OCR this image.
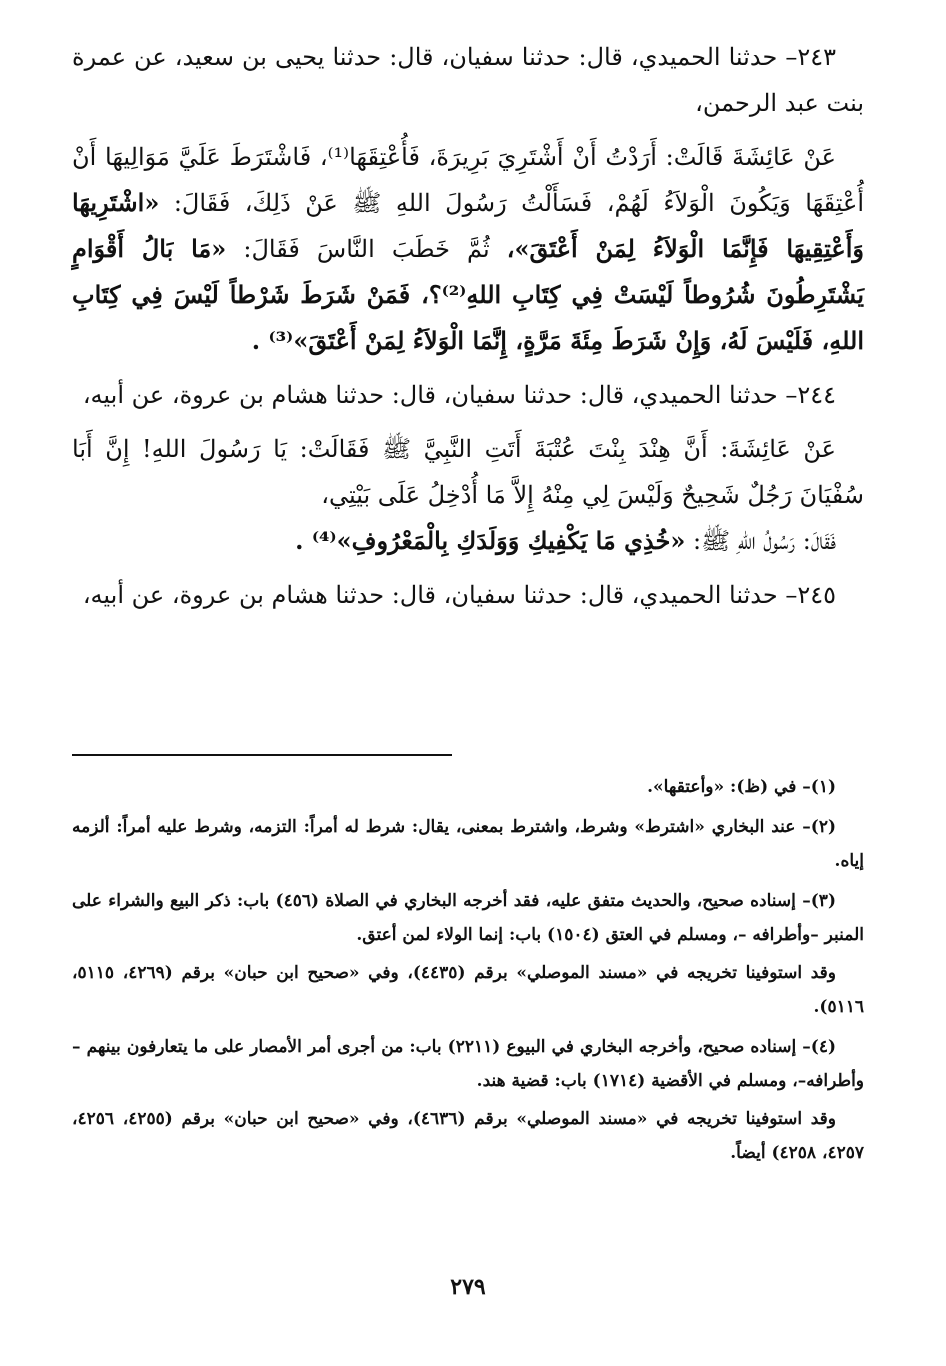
٢٤٣– حدثنا الحميدي، قال: حدثنا سفيان، قال: حدثنا يحيى بن سعيد، عن عمرة بنت عبد الرحمن،

عَنْ عَائِشَةَ قَالَتْ: أَرَدْتُ أَنْ أَشْتَرِيَ بَرِيرَةَ، فَأُعْتِقَهَا⁽¹⁾، فَاشْتَرَطَ عَلَيَّ مَوَالِيهَا أَنْ أُعْتِقَهَا وَيَكُونَ الْوَلاَءُ لَهُمْ، فَسَأَلْتُ رَسُولَ اللهِ ﷺ عَنْ ذَلِكَ، فَقَالَ: «اشْتَرِيهَا وَأَعْتِقِيهَا فَإِنَّمَا الْوَلاَءُ لِمَنْ أَعْتَقَ»، ثُمَّ خَطَبَ النَّاسَ فَقَالَ: «مَا بَالُ أَقْوَامٍ يَشْتَرِطُونَ شُرُوطاً لَيْسَتْ فِي كِتَابِ اللهِ⁽²⁾؟، فَمَنْ شَرَطَ شَرْطاً لَيْسَ فِي كِتَابِ اللهِ، فَلَيْسَ لَهُ، وَإِنْ شَرَطَ مِئَةَ مَرَّةٍ، إِنَّمَا الْوَلاَءُ لِمَنْ أَعْتَقَ»⁽³⁾ .

٢٤٤– حدثنا الحميدي، قال: حدثنا سفيان، قال: حدثنا هشام بن عروة، عن أبيه،

عَنْ عَائِشَةَ: أَنَّ هِنْدَ بِنْتَ عُتْبَةَ أَتَتِ النَّبِيَّ ﷺ فَقَالَتْ: يَا رَسُولَ اللهِ! إِنَّ أَبَا سُفْيَانَ رَجُلٌ شَحِيحٌ وَلَيْسَ لِي مِنْهُ إِلاَّ مَا أُدْخِلُ عَلَى بَيْتِي،

فَقَالَ: رَسُولُ اللهِ ﷺ: «خُذِي مَا يَكْفِيكِ وَوَلَدَكِ بِالْمَعْرُوفِ»⁽⁴⁾ .

٢٤٥– حدثنا الحميدي، قال: حدثنا سفيان، قال: حدثنا هشام بن عروة، عن أبيه،

(١)– في (ظ): «وأعتقها».

(٢)– عند البخاري «اشترط» وشرط، واشترط بمعنى، يقال: شرط له أمراً: التزمه، وشرط عليه أمراً: ألزمه إياه.

(٣)– إسناده صحيح، والحديث متفق عليه، فقد أخرجه البخاري في الصلاة (٤٥٦) باب: ذكر البيع والشراء على المنبر –وأطرافه –، ومسلم في العتق (١٥٠٤) باب: إنما الولاء لمن أعتق.

وقد استوفينا تخريجه في «مسند الموصلي» برقم (٤٤٣٥)، وفي «صحيح ابن حبان» برقم (٤٢٦٩، ٥١١٥، ٥١١٦).

(٤)– إسناده صحيح، وأخرجه البخاري في البيوع (٢٢١١) باب: من أجرى أمر الأمصار على ما يتعارفون بينهم –وأطرافه–، ومسلم في الأقضية (١٧١٤) باب: قضية هند.

وقد استوفينا تخريجه في «مسند الموصلي» برقم (٤٦٣٦)، وفي «صحيح ابن حبان» برقم (٤٢٥٥، ٤٢٥٦، ٤٢٥٧، ٤٢٥٨) أيضاً.

٢٧٩
